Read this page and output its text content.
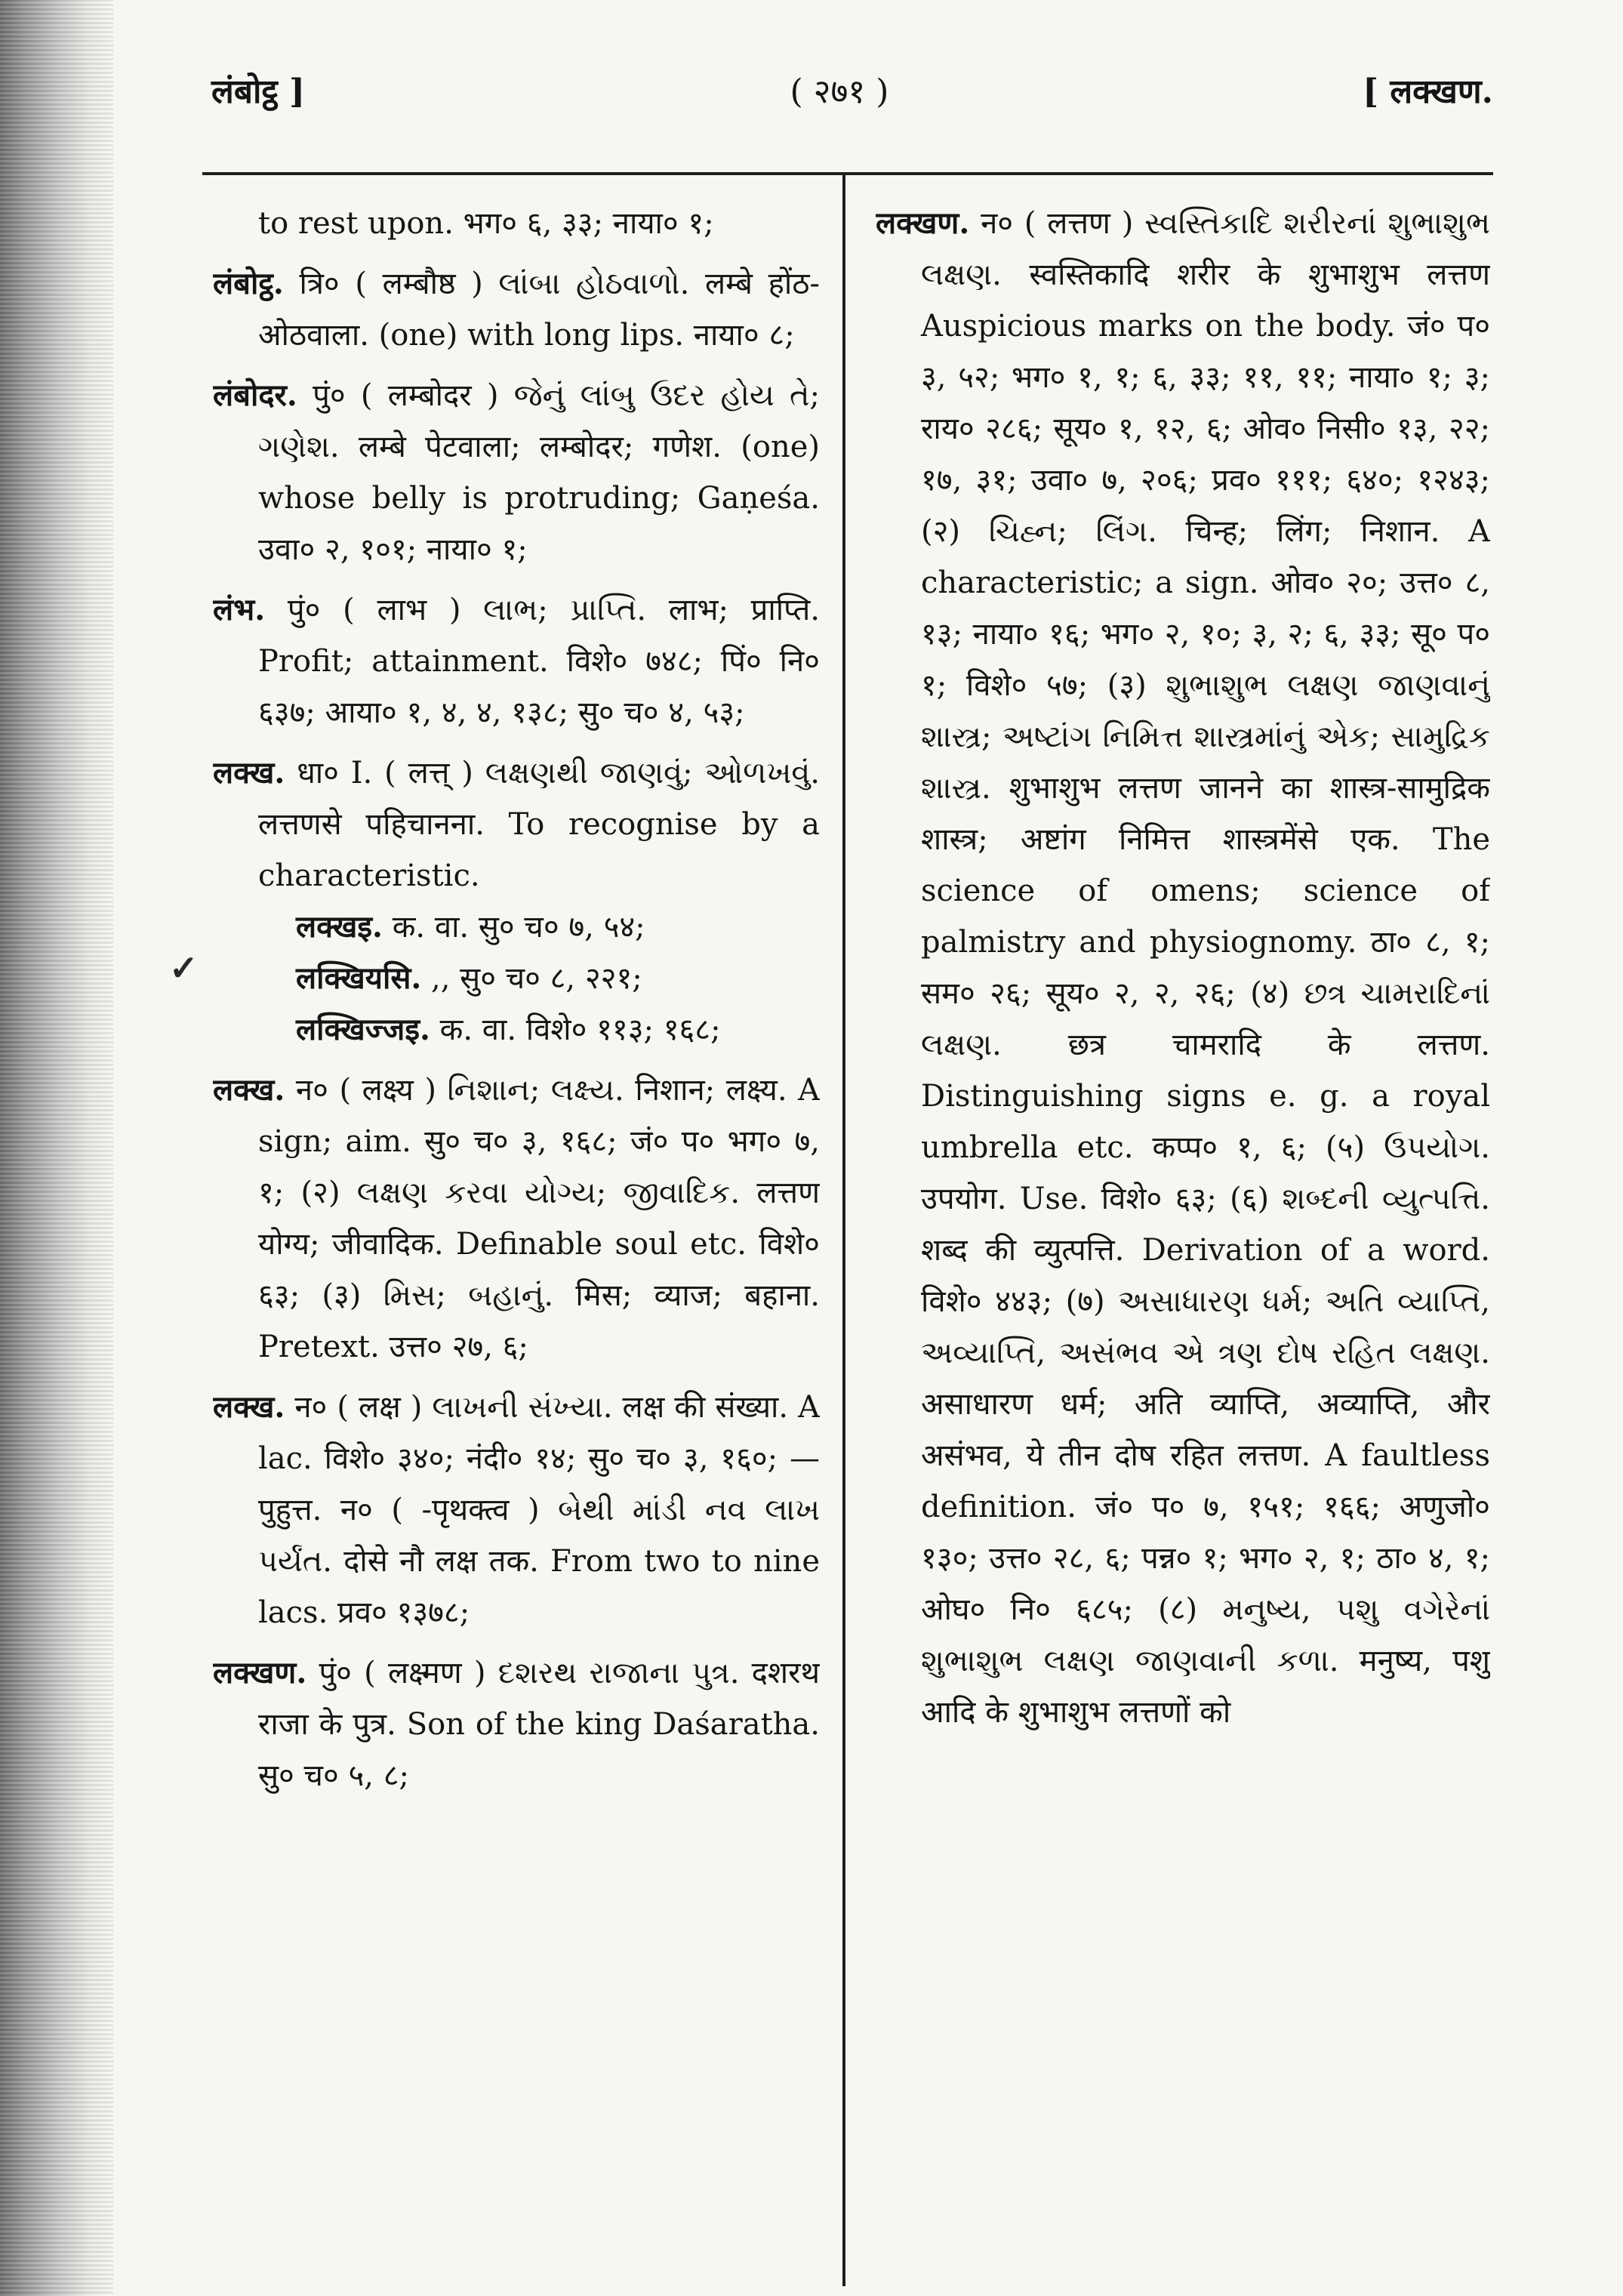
लंबोट्ठ ]	( २७१ )	[ लक्खण.
✓
to rest upon. भग० ६, ३३; नाया० १;
लंबोट्ठ. त्रि० ( लम्बौष्ठ ) લાંબા હોઠવાળો. लम्बे होंठ-ओठवाला. (one) with long lips. नाया० ८;
लंबोदर. पुं० ( लम्बोदर ) જેનું લાંબુ ઉદર હોય તે; ગણેશ. लम्बे पेटवाला; लम्बोदर; गणेश. (one) whose belly is protruding; Gaṇeśa. उवा० २, १०१; नाया० १;
लंभ. पुं० ( लाभ ) લાભ; પ્રાપ્તિ. लाभ; प्राप्ति. Profit; attainment. विशे० ७४८; पिं० नि० ६३७; आया० १, ४, ४, १३८; सु० च० ४, ५३;
लक्ख. धा० I. ( लत्त् ) લક્ષણથી જાણવું; ઓળખવું. लत्तणसे पहिचानना. To recognise by a characteristic.
लक्खइ. क. वा. सु० च० ७, ५४;
लक्खियसि. ,, सु० च० ८, २२१;
लक्खिज्जइ. क. वा. विशे० ११३; १६८;
लक्ख. न० ( लक्ष्य ) નિશાન; લક્ષ્ય. निशान; लक्ष्य. A sign; aim. सु० च० ३, १६८; जं० प० भग० ७, १; (२) લક્ષણ કરવા યોગ્ય; જીવાદિક. लत्तण योग्य; जीवादिक. Definable soul etc. विशे० ६३; (३) મિસ; બહાનું. मिस; व्याज; बहाना. Pretext. उत्त० २७, ६;
लक्ख. न० ( लक्ष ) લાખની સંખ્યા. लक्ष की संख्या. A lac. विशे० ३४०; नंदी० १४; सु० च० ३, १६०; —पुहुत्त. न० ( -पृथक्त्व ) બેથી માંડી નવ લાખ પર્યંત. दोसे नौ लक्ष तक. From two to nine lacs. प्रव० १३७८;
लक्खण. पुं० ( लक्ष्मण ) દશરથ રાજાના પુત્ર. दशरथ राजा के पुत्र. Son of the king Daśaratha. सु० च० ५, ८;
लक्खण. न० ( लत्तण ) સ્વસ્તિકાદિ શરીરનાં શુભાશુભ લક્ષણ. स्वस्तिकादि शरीर के शुभाशुभ लत्तण Auspicious marks on the body. जं० प० ३, ५२; भग० १, १; ६, ३३; ११, ११; नाया० १; ३; राय० २८६; सूय० १, १२, ६; ओव० निसी० १३, २२; १७, ३१; उवा० ७, २०६; प्रव० १११; ६४०; १२४३; (२) ચિહ્ન; લિંગ. चिन्ह; लिंग; निशान. A characteristic; a sign. ओव० २०; उत्त० ८, १३; नाया० १६; भग० २, १०; ३, २; ६, ३३; सू० प० १; विशे० ५७; (३) શુભાશુભ લક્ષણ જાણવાનું શાસ્ત્ર; અષ્ટાંગ નિમિત્ત શાસ્ત્રમાંનું એક; સામુદ્રિક શાસ્ત્ર. शुभाशुभ लत्तण जानने का शास्त्र-सामुद्रिक शास्त्र; अष्टांग निमित्त शास्त्रमेंसे एक. The science of omens; science of palmistry and physiognomy. ठा० ८, १; सम० २६; सूय० २, २, २६; (४) છત્ર ચામરાદિનાં લક્ષણ. छत्र चामरादि के लत्तण. Distinguishing signs e. g. a royal umbrella etc. कप्प० १, ६; (५) ઉપયોગ. उपयोग. Use. विशे० ६३; (६) શબ્દની વ્યુત્પત્તિ. शब्द की व्युत्पत्ति. Derivation of a word. विशे० ४४३; (७) અસાધારણ ધર્મ; અતિ વ્યાપ્તિ, અવ્યાપ્તિ, અસંભવ એ ત્રણ દોષ રહિત લક્ષણ. असाधारण धर्म; अति व्याप्ति, अव्याप्ति, और असंभव, ये तीन दोष रहित लत्तण. A faultless definition. जं० प० ७, १५१; १६६; अणुजो० १३०; उत्त० २८, ६; पन्न० १; भग० २, १; ठा० ४, १; ओघ० नि० ६८५; (८) મનુષ્ય, પશુ વગેરેનાં શુભાશુભ લક્ષણ જાણવાની કળા. मनुष्य, पशु आदि के शुभाशुभ लत्तणों को
